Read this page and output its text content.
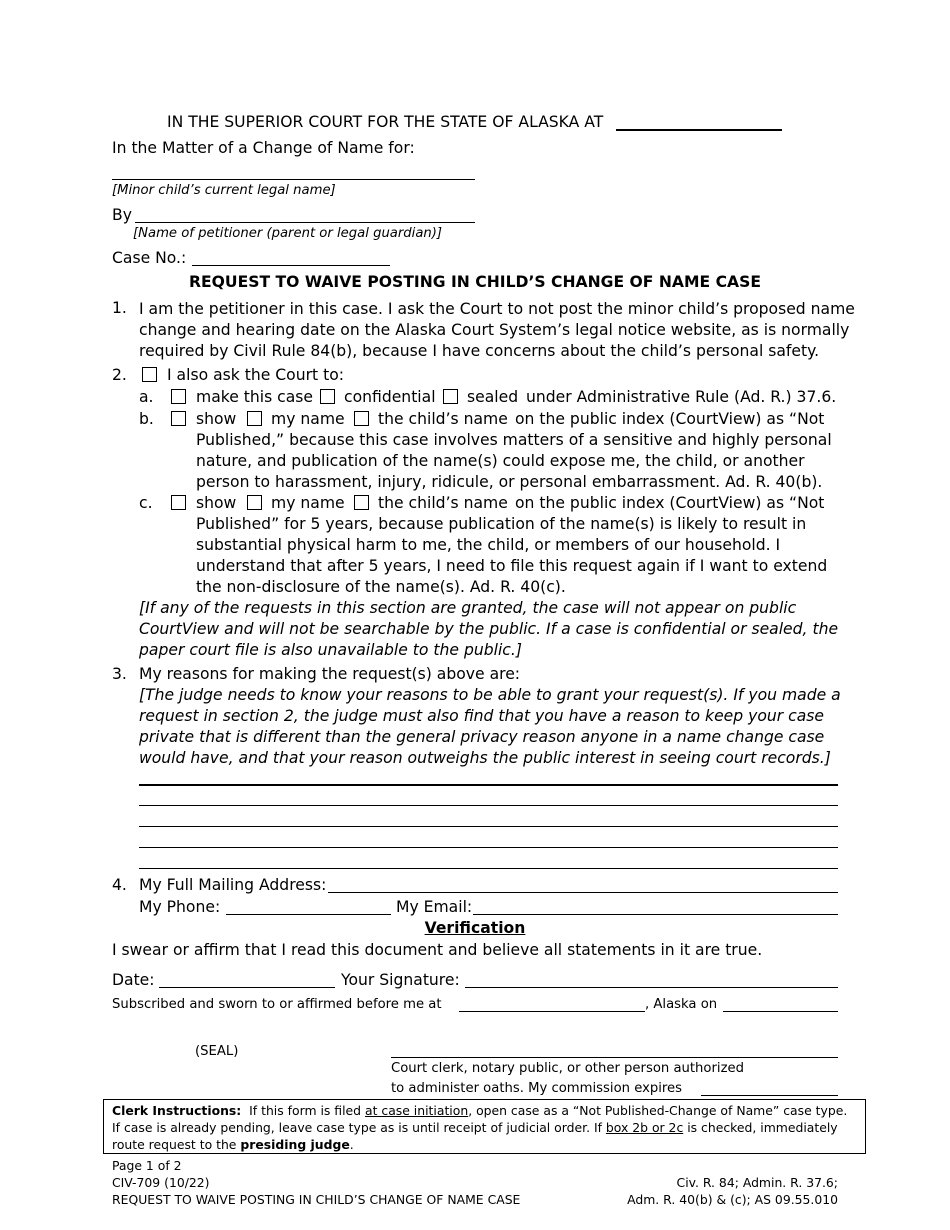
IN THE SUPERIOR COURT FOR THE STATE OF ALASKA AT
In the Matter of a Change of Name for:
[Minor child’s current legal name]
By
[Name of petitioner (parent or legal guardian)]
Case No.:
REQUEST TO WAIVE POSTING IN CHILD’S CHANGE OF NAME CASE
1. I am the petitioner in this case. I ask the Court to not post the minor child’s proposed name
change and hearing date on the Alaska Court System’s legal notice website, as is normally
required by Civil Rule 84(b), because I have concerns about the child’s personal safety.
2.	I also ask the Court to:
a.	make this case confidential sealed under Administrative Rule (Ad. R.) 37.6.
b.	show my name the child’s name on the public index (CourtView) as “Not
Published,” because this case involves matters of a sensitive and highly personal
nature, and publication of the name(s) could expose me, the child, or another
person to harassment, injury, ridicule, or personal embarrassment. Ad. R. 40(b).
c.	show my name the child’s name on the public index (CourtView) as “Not
Published” for 5 years, because publication of the name(s) is likely to result in
substantial physical harm to me, the child, or members of our household. I
understand that after 5 years, I need to file this request again if I want to extend
the non-disclosure of the name(s). Ad. R. 40(c).
[If any of the requests in this section are granted, the case will not appear on public
CourtView and will not be searchable by the public. If a case is confidential or sealed, the
paper court file is also unavailable to the public.]
3. My reasons for making the request(s) above are:
[The judge needs to know your reasons to be able to grant your request(s). If you made a
request in section 2, the judge must also find that you have a reason to keep your case
private that is different than the general privacy reason anyone in a name change case
would have, and that your reason outweighs the public interest in seeing court records.]
4. My Full Mailing Address:
My Phone:	My Email:
Verification
I swear or affirm that I read this document and believe all statements in it are true.
Date:	Your Signature:
Subscribed and sworn to or affirmed before me at	, Alaska on
(SEAL)
Court clerk, notary public, or other person authorized
to administer oaths. My commission expires
Clerk Instructions: If this form is filed at case initiation, open case as a “Not Published-Change of Name” case type.
If case is already pending, leave case type as is until receipt of judicial order. If box 2b or 2c is checked, immediately
route request to the presiding judge.
Page 1 of 2
CIV-709 (10/22)
REQUEST TO WAIVE POSTING IN CHILD’S CHANGE OF NAME CASE
Civ. R. 84; Admin. R. 37.6;
Adm. R. 40(b) & (c); AS 09.55.010
